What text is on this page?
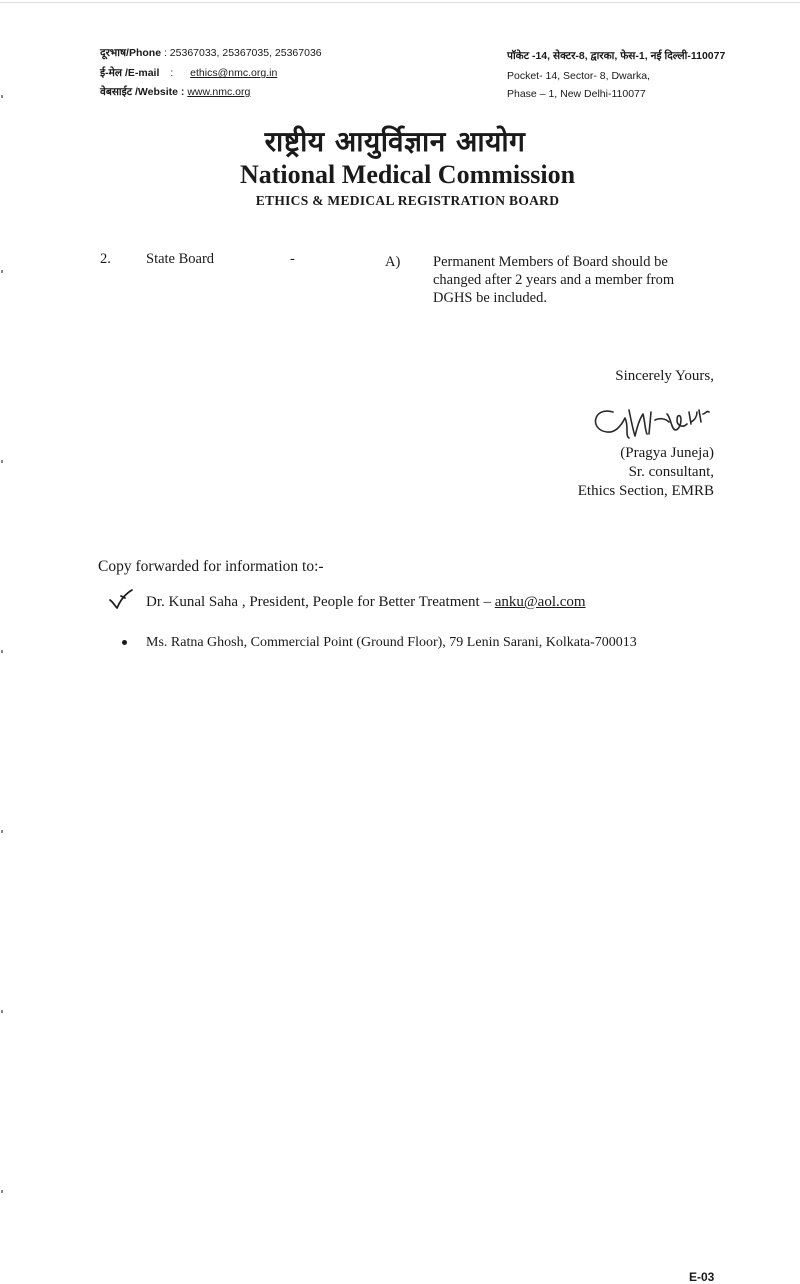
दूरभाष/Phone : 25367033, 25367035, 25367036
ई-मेल /E-mail : ethics@nmc.org.in
वेबसाईट /Website : www.nmc.org
पॉकेट -14, सेक्टर-8, द्वारका, फेस-1, नई दिल्ली-110077
Pocket- 14, Sector- 8, Dwarka,
Phase – 1, New Delhi-110077
राष्ट्रीय आयुर्विज्ञान आयोग
National Medical Commission
ETHICS & MEDICAL REGISTRATION BOARD
2. State Board	-	A) Permanent Members of Board should be
changed after 2 years and a member from
DGHS be included.
Sincerely Yours,
(Pragya Juneja)
Sr. consultant,
Ethics Section, EMRB
Copy forwarded for information to:-
Dr. Kunal Saha , President, People for Better Treatment – anku@aol.com
Ms. Ratna Ghosh, Commercial Point (Ground Floor), 79 Lenin Sarani, Kolkata-700013
E-03
